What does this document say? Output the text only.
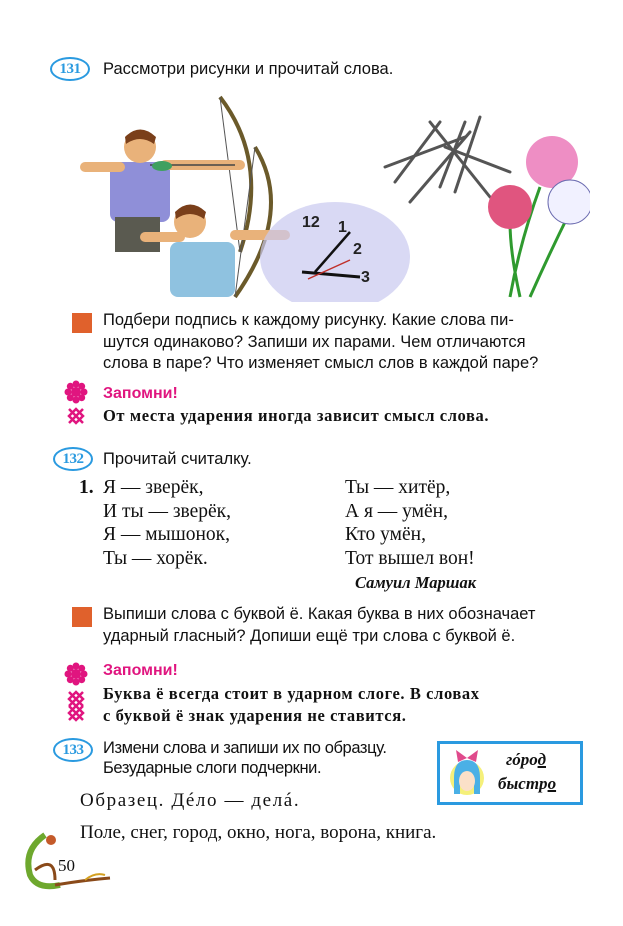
131 Рассмотри рисунки и прочитай слова.
12 1
2
3
Подбери подпись к каждому рисунку. Какие слова пи-
шутся одинаково? Запиши их парами. Чем отличаются
слова в паре? Что изменяет смысл слов в каждой паре?
Запомни!
От места ударения иногда зависит смысл слова.
132 Прочитай считалку.
1. Я — зверёк,
И ты — зверёк,
Я — мышонок,
Ты — хорёк.
Ты — хитёр,
А я — умён,
Кто умён,
Тот вышел вон!
Самуил Маршак
Выпиши слова с буквой ё. Какая буква в них обозначает
ударный гласный? Допиши ещё три слова с буквой ё.
Запомни!
Буква ё всегда стоит в ударном слоге. В словах
с буквой ё знак ударения не ставится.
133 Измени слова и запиши их по образцу.
Безударные слоги подчеркни.	гóрод
быстро
Образец. Дéло — делá.
Поле, снег, город, окно, нога, ворона, книга.
50
